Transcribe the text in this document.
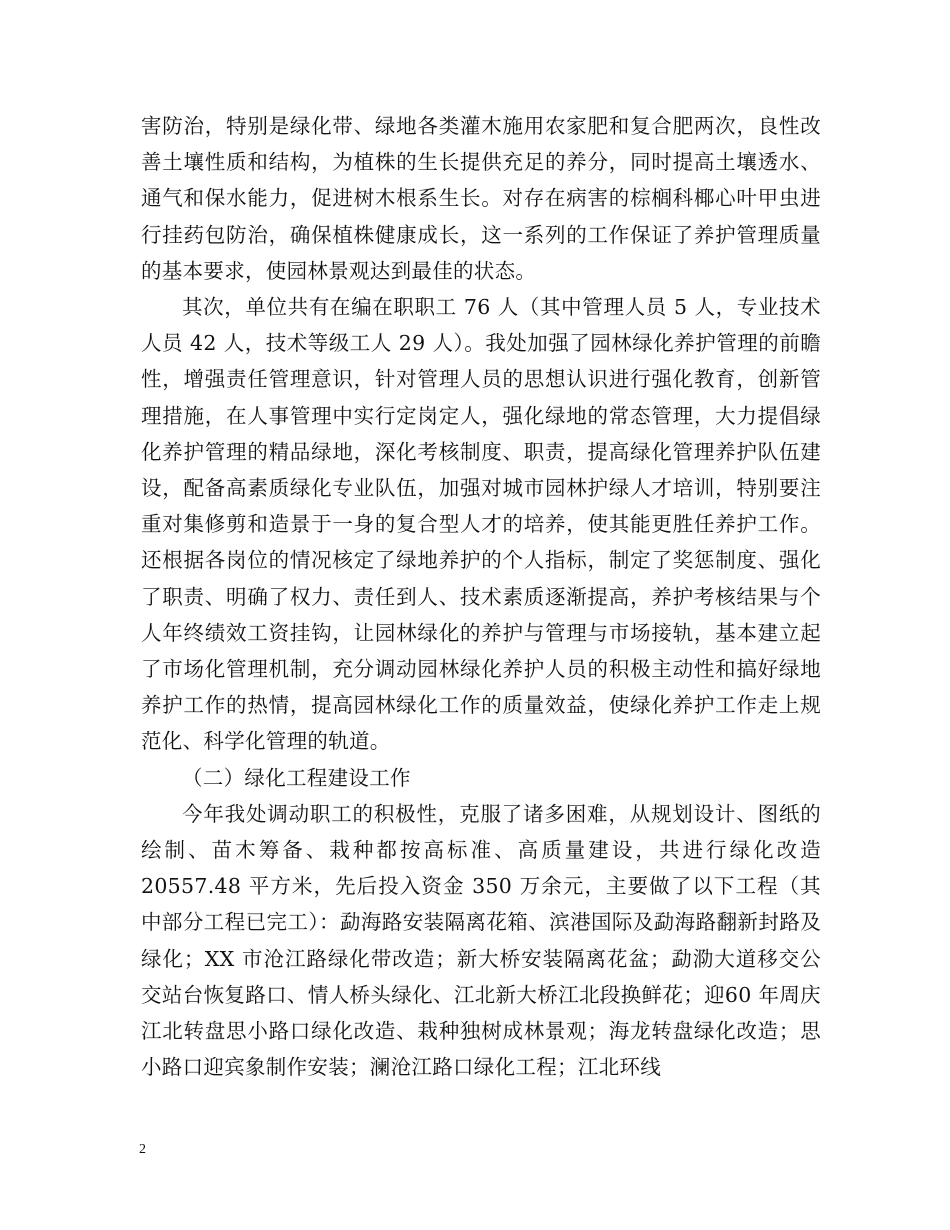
害防治，特别是绿化带、绿地各类灌木施用农家肥和复合肥两次，良性改善土壤性质和结构，为植株的生长提供充足的养分，同时提高土壤透水、通气和保水能力，促进树木根系生长。对存在病害的棕榈科椰心叶甲虫进行挂药包防治，确保植株健康成长，这一系列的工作保证了养护管理质量的基本要求，使园林景观达到最佳的状态。

其次，单位共有在编在职职工 76 人（其中管理人员 5 人，专业技术人员 42 人，技术等级工人 29 人）。我处加强了园林绿化养护管理的前瞻性，增强责任管理意识，针对管理人员的思想认识进行强化教育，创新管理措施，在人事管理中实行定岗定人，强化绿地的常态管理，大力提倡绿化养护管理的精品绿地，深化考核制度、职责，提高绿化管理养护队伍建设，配备高素质绿化专业队伍，加强对城市园林护绿人才培训，特别要注重对集修剪和造景于一身的复合型人才的培养，使其能更胜任养护工作。还根据各岗位的情况核定了绿地养护的个人指标，制定了奖惩制度、强化了职责、明确了权力、责任到人、技术素质逐渐提高，养护考核结果与个人年终绩效工资挂钩，让园林绿化的养护与管理与市场接轨，基本建立起了市场化管理机制，充分调动园林绿化养护人员的积极主动性和搞好绿地养护工作的热情，提高园林绿化工作的质量效益，使绿化养护工作走上规范化、科学化管理的轨道。

（二）绿化工程建设工作

今年我处调动职工的积极性，克服了诸多困难，从规划设计、图纸的绘制、苗木筹备、栽种都按高标准、高质量建设，共进行绿化改造20557.48 平方米，先后投入资金 350 万余元，主要做了以下工程（其中部分工程已完工）：勐海路安装隔离花箱、滨港国际及勐海路翻新封路及绿化；XX 市沧江路绿化带改造；新大桥安装隔离花盆；勐泐大道移交公交站台恢复路口、情人桥头绿化、江北新大桥江北段换鲜花；迎60 年周庆江北转盘思小路口绿化改造、栽种独树成林景观；海龙转盘绿化改造；思小路口迎宾象制作安装；澜沧江路口绿化工程；江北环线

2
